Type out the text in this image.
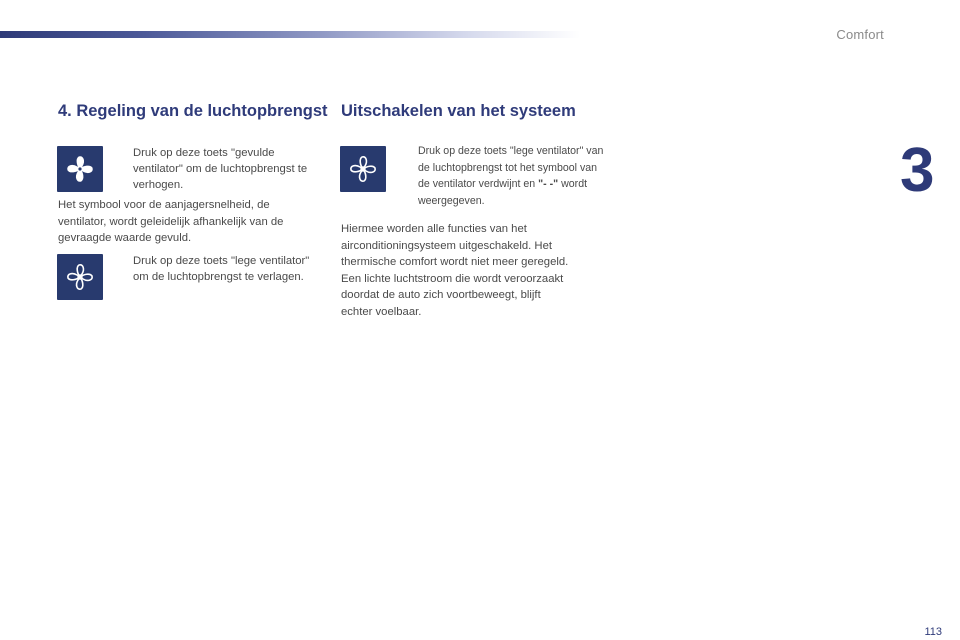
Comfort
3
4. Regeling van de luchtopbrengst
Druk op deze toets "gevulde ventilator" om de luchtopbrengst te verhogen.

Het symbool voor de aanjagersnelheid, de ventilator, wordt geleidelijk afhankelijk van de gevraagde waarde gevuld.

Druk op deze toets "lege ventilator" om de luchtopbrengst te verlagen.
Uitschakelen van het systeem
Druk op deze toets "lege ventilator" van de luchtopbrengst tot het symbool van de ventilator verdwijnt en "- -" wordt weergegeven.

Hiermee worden alle functies van het airconditioningsysteem uitgeschakeld. Het thermische comfort wordt niet meer geregeld. Een lichte luchtstroom die wordt veroorzaakt doordat de auto zich voortbeweegt, blijft echter voelbaar.

113
